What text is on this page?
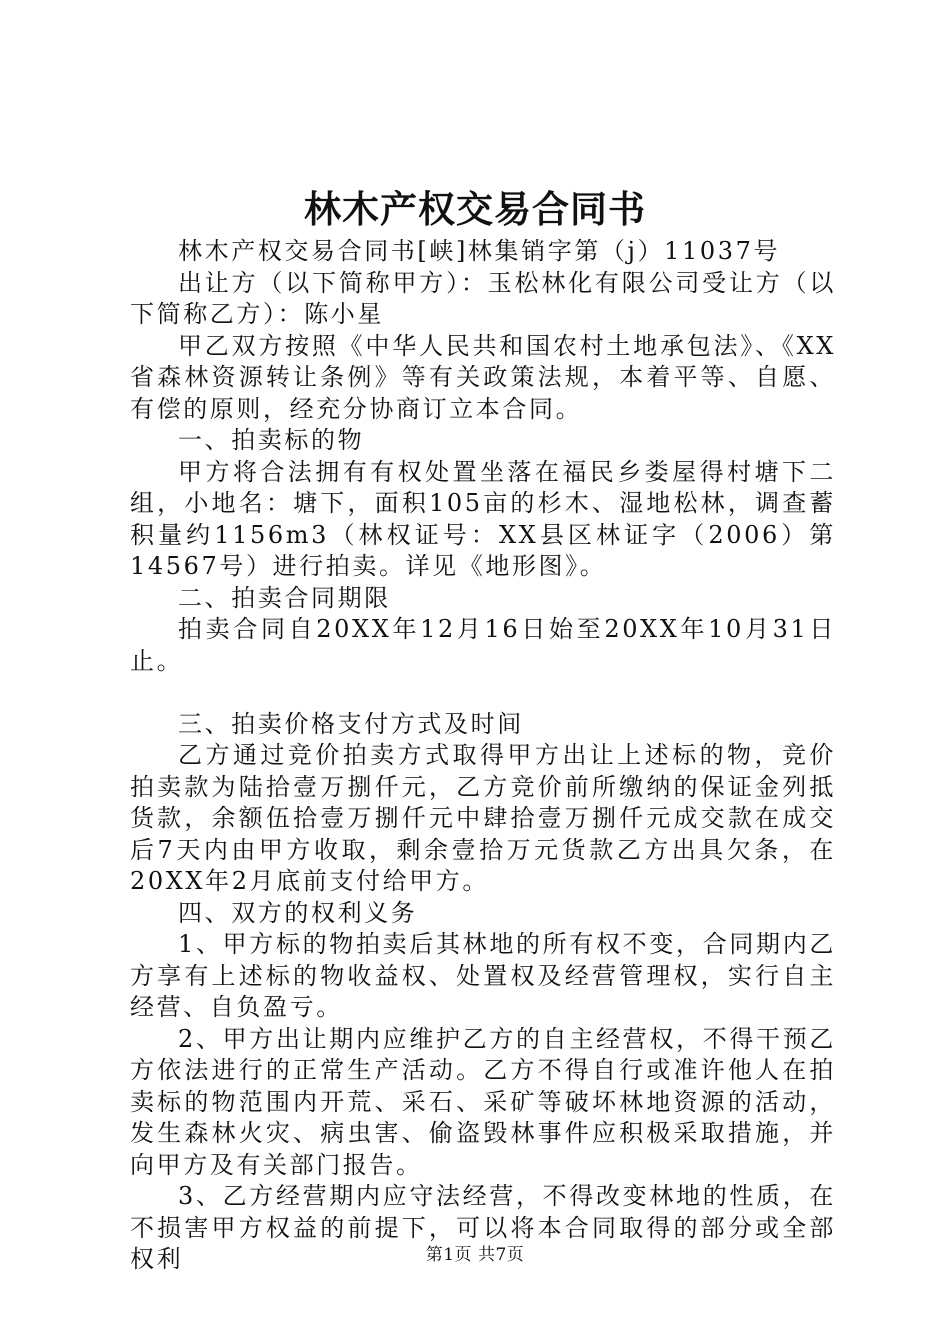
林木产权交易合同书

林木产权交易合同书[峡]林集销字第（j）11037号

出让方（以下简称甲方）：玉松林化有限公司受让方（以下简称乙方）：陈小星

甲乙双方按照《中华人民共和国农村土地承包法》、《XX省森林资源转让条例》等有关政策法规，本着平等、自愿、有偿的原则，经充分协商订立本合同。

一、拍卖标的物

甲方将合法拥有有权处置坐落在福民乡娄屋得村塘下二组，小地名：塘下，面积105亩的杉木、湿地松林，调查蓄积量约1156m3（林权证号：XX县区林证字（2006）第14567号）进行拍卖。详见《地形图》。

二、拍卖合同期限

拍卖合同自20XX年12月16日始至20XX年10月31日止。

三、拍卖价格支付方式及时间

乙方通过竞价拍卖方式取得甲方出让上述标的物，竞价拍卖款为陆拾壹万捌仟元，乙方竞价前所缴纳的保证金列抵货款，余额伍拾壹万捌仟元中肆拾壹万捌仟元成交款在成交后7天内由甲方收取，剩余壹拾万元货款乙方出具欠条，在20XX年2月底前支付给甲方。

四、双方的权利义务

1、甲方标的物拍卖后其林地的所有权不变，合同期内乙方享有上述标的物收益权、处置权及经营管理权，实行自主经营、自负盈亏。

2、甲方出让期内应维护乙方的自主经营权，不得干预乙方依法进行的正常生产活动。乙方不得自行或准许他人在拍卖标的物范围内开荒、采石、采矿等破坏林地资源的活动，发生森林火灾、病虫害、偷盗毁林事件应积极采取措施，并向甲方及有关部门报告。

3、乙方经营期内应守法经营，不得改变林地的性质，在不损害甲方权益的前提下，可以将本合同取得的部分或全部权利	第1页 共7页
